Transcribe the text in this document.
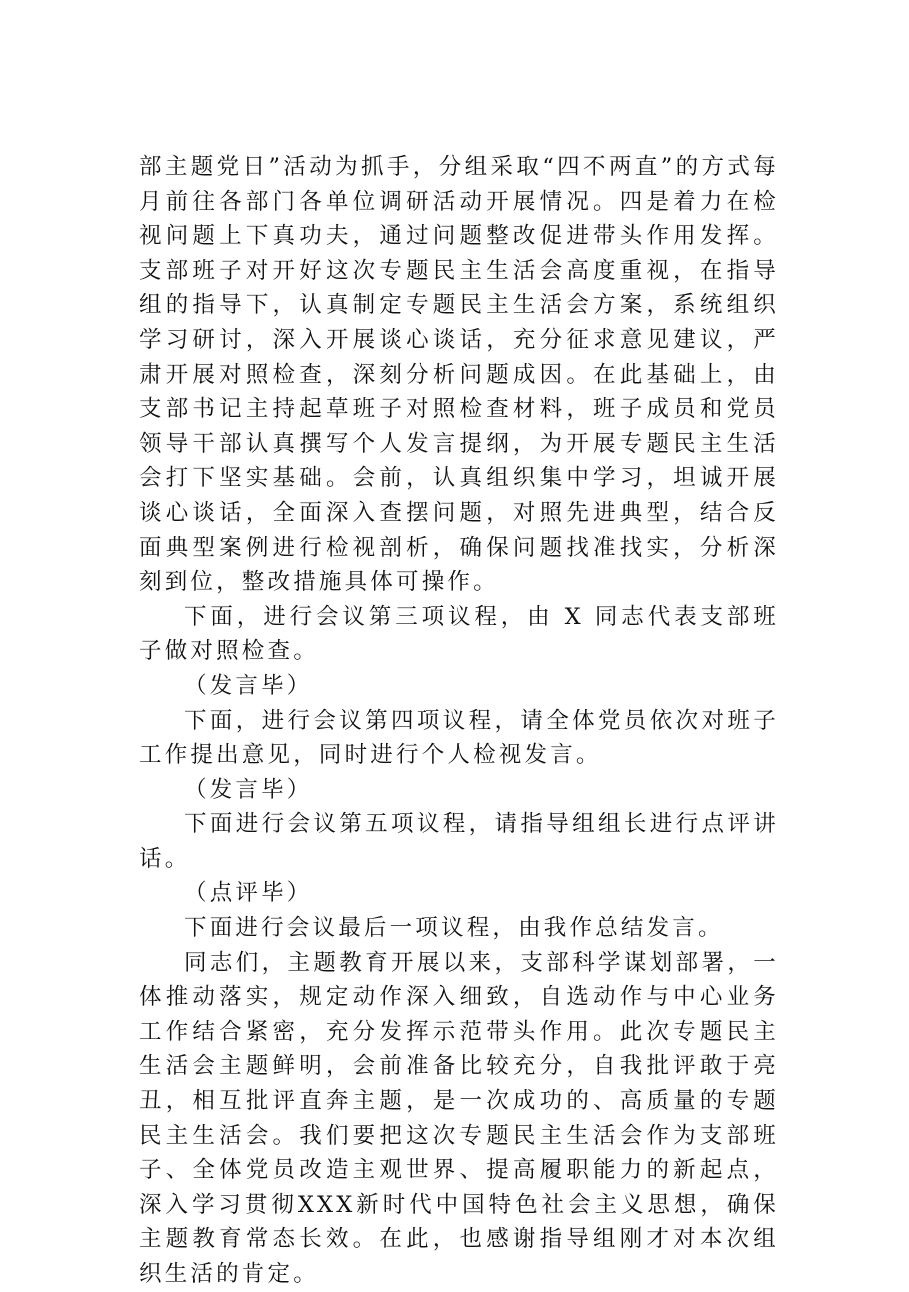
部主题党日”活动为抓手，分组采取“四不两直”的方式每月前往各部门各单位调研活动开展情况。四是着力在检视问题上下真功夫，通过问题整改促进带头作用发挥。支部班子对开好这次专题民主生活会高度重视，在指导组的指导下，认真制定专题民主生活会方案，系统组织学习研讨，深入开展谈心谈话，充分征求意见建议，严肃开展对照检查，深刻分析问题成因。在此基础上，由支部书记主持起草班子对照检查材料，班子成员和党员领导干部认真撰写个人发言提纲，为开展专题民主生活会打下坚实基础。会前，认真组织集中学习，坦诚开展谈心谈话，全面深入查摆问题，对照先进典型，结合反面典型案例进行检视剖析，确保问题找准找实，分析深刻到位，整改措施具体可操作。

下面，进行会议第三项议程，由 X 同志代表支部班子做对照检查。

（发言毕）

下面，进行会议第四项议程，请全体党员依次对班子工作提出意见，同时进行个人检视发言。

（发言毕）

下面进行会议第五项议程，请指导组组长进行点评讲话。

（点评毕）

下面进行会议最后一项议程，由我作总结发言。

同志们，主题教育开展以来，支部科学谋划部署，一体推动落实，规定动作深入细致，自选动作与中心业务工作结合紧密，充分发挥示范带头作用。此次专题民主生活会主题鲜明，会前准备比较充分，自我批评敢于亮丑，相互批评直奔主题，是一次成功的、高质量的专题民主生活会。我们要把这次专题民主生活会作为支部班子、全体党员改造主观世界、提高履职能力的新起点，深入学习贯彻XXX新时代中国特色社会主义思想，确保主题教育常态长效。在此，也感谢指导组刚才对本次组织生活的肯定。
